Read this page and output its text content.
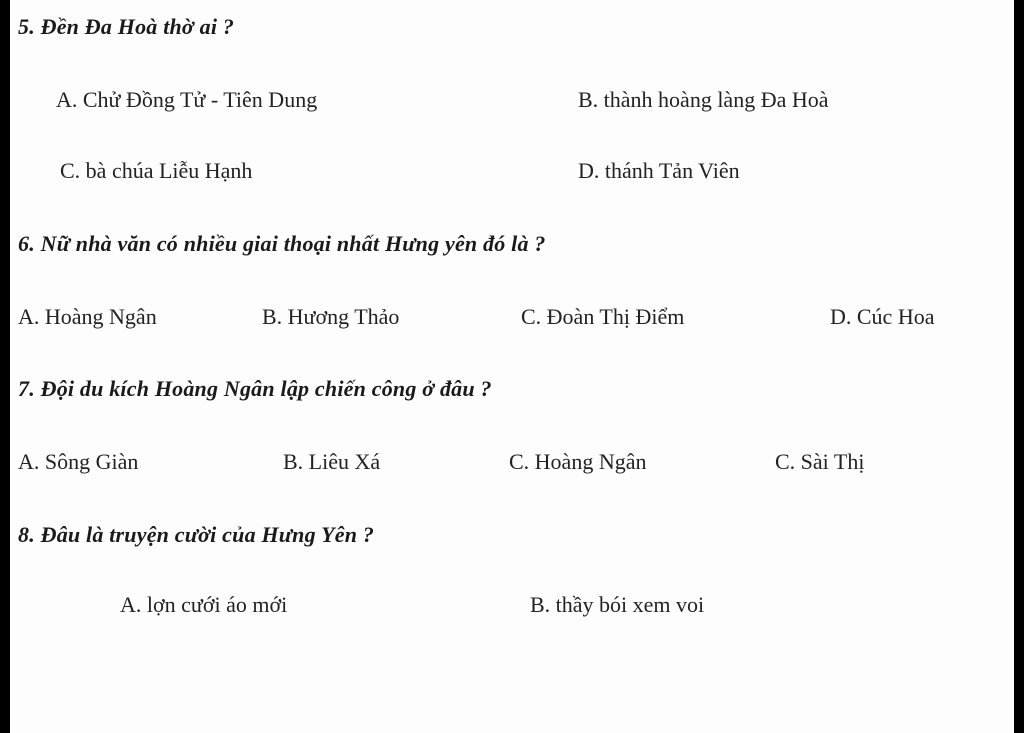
5. Đền Đa Hoà thờ ai ?
A. Chử Đồng Tử - Tiên Dung	B. thành hoàng làng Đa Hoà
C. bà chúa Liễu Hạnh	D. thánh Tản Viên
6. Nữ nhà văn có nhiều giai thoại nhất Hưng yên đó là ?
A. Hoàng Ngân	B. Hương Thảo	C. Đoàn Thị Điểm	D. Cúc Hoa
7. Đội du kích Hoàng Ngân lập chiến công ở đâu ?
A. Sông Giàn	B. Liêu Xá	C. Hoàng Ngân	C. Sài Thị
8. Đâu là truyện cười của Hưng Yên ?
A. lợn cưới áo mới	B. thầy bói xem voi
